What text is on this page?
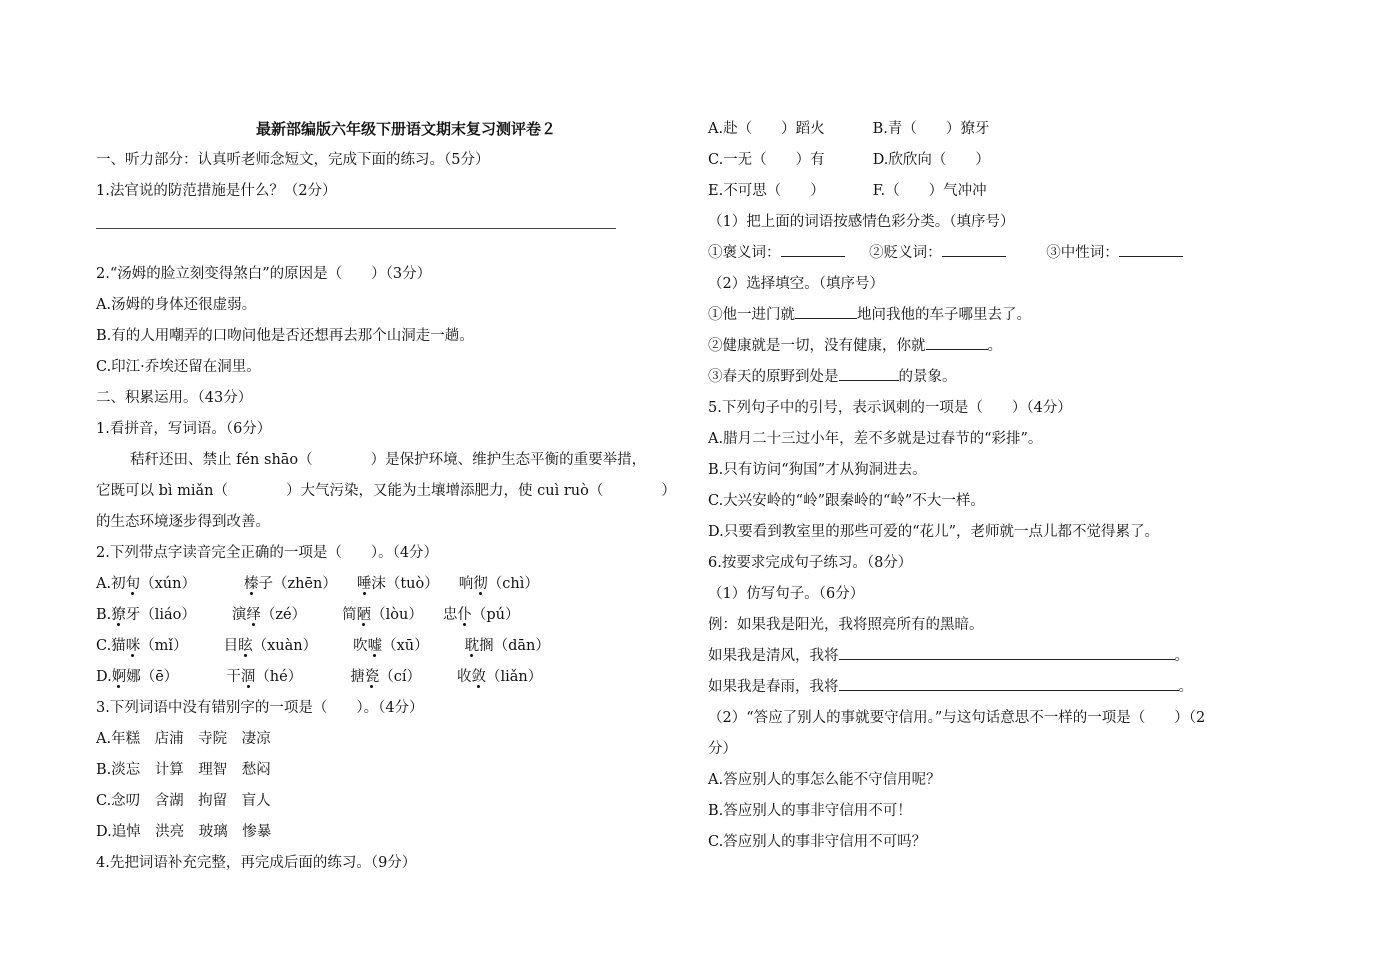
最新部编版六年级下册语文期末复习测评卷２
一、听力部分：认真听老师念短文，完成下面的练习。（5分）
1.法官说的防范措施是什么？（2分）
2.“汤姆的脸立刻变得煞白”的原因是（　　）（3分）
A.汤姆的身体还很虚弱。
B.有的人用嘲弄的口吻问他是否还想再去那个山洞走一趟。
C.印江·乔埃还留在洞里。
二、积累运用。（43分）
1.看拼音，写词语。（6分）
秸秆还田、禁止 fén shāo（　　　　）是保护环境、维护生态平衡的重要举措，
它既可以 bì miǎn（　　　　）大气污染，又能为土壤增添肥力，使 cuì ruò（　　　　）
的生态环境逐步得到改善。
2.下列带点字读音完全正确的一项是（　　）。（4分）
A.初旬（xún）	榛子（zhēn） 唾沫（tuò） 响彻（chì）
B.獠牙（liáo） 演绎（zé） 简陋（lòu） 忠仆（pú）
C.猫咪（mǐ） 目眩（xuàn） 吹嘘（xū） 耽搁（dān）
D.婀娜（ē）	干涸（hé）	搪瓷（cí） 收敛（liǎn）
3.下列词语中没有错别字的一项是（　　）。（4分）
A.年糕　店浦　寺院　凄凉
B.淡忘　计算　理智　愁闷
C.念叨　含湖　拘留　盲人
D.追悼　洪亮　玻璃　惨暴
4.先把词语补充完整，再完成后面的练习。（9分）
A.赴（　　）蹈火	B.青（　　）獠牙
C.一无（　　）有	D.欣欣向（　　）
E.不可思（　　）	F.（　　）气冲冲
（1）把上面的词语按感情色彩分类。（填序号）
①褒义词：	②贬义词：	③中性词：
（2）选择填空。（填序号）
①他一进门就	地问我他的车子哪里去了。
②健康就是一切，没有健康，你就	。
③春天的原野到处是	的景象。
5.下列句子中的引号，表示讽刺的一项是（　　）（4分）
A.腊月二十三过小年，差不多就是过春节的“彩排”。
B.只有访问“狗国”才从狗洞进去。
C.大兴安岭的“岭”跟秦岭的“岭”不大一样。
D.只要看到教室里的那些可爱的“花儿”，老师就一点儿都不觉得累了。
6.按要求完成句子练习。（8分）
（1）仿写句子。（6分）
例：如果我是阳光，我将照亮所有的黑暗。
如果我是清风，我将	。
如果我是春雨，我将	。
（2）“答应了别人的事就要守信用。”与这句话意思不一样的一项是（　　）（2
分）
A.答应别人的事怎么能不守信用呢？
B.答应别人的事非守信用不可！
C.答应别人的事非守信用不可吗？
